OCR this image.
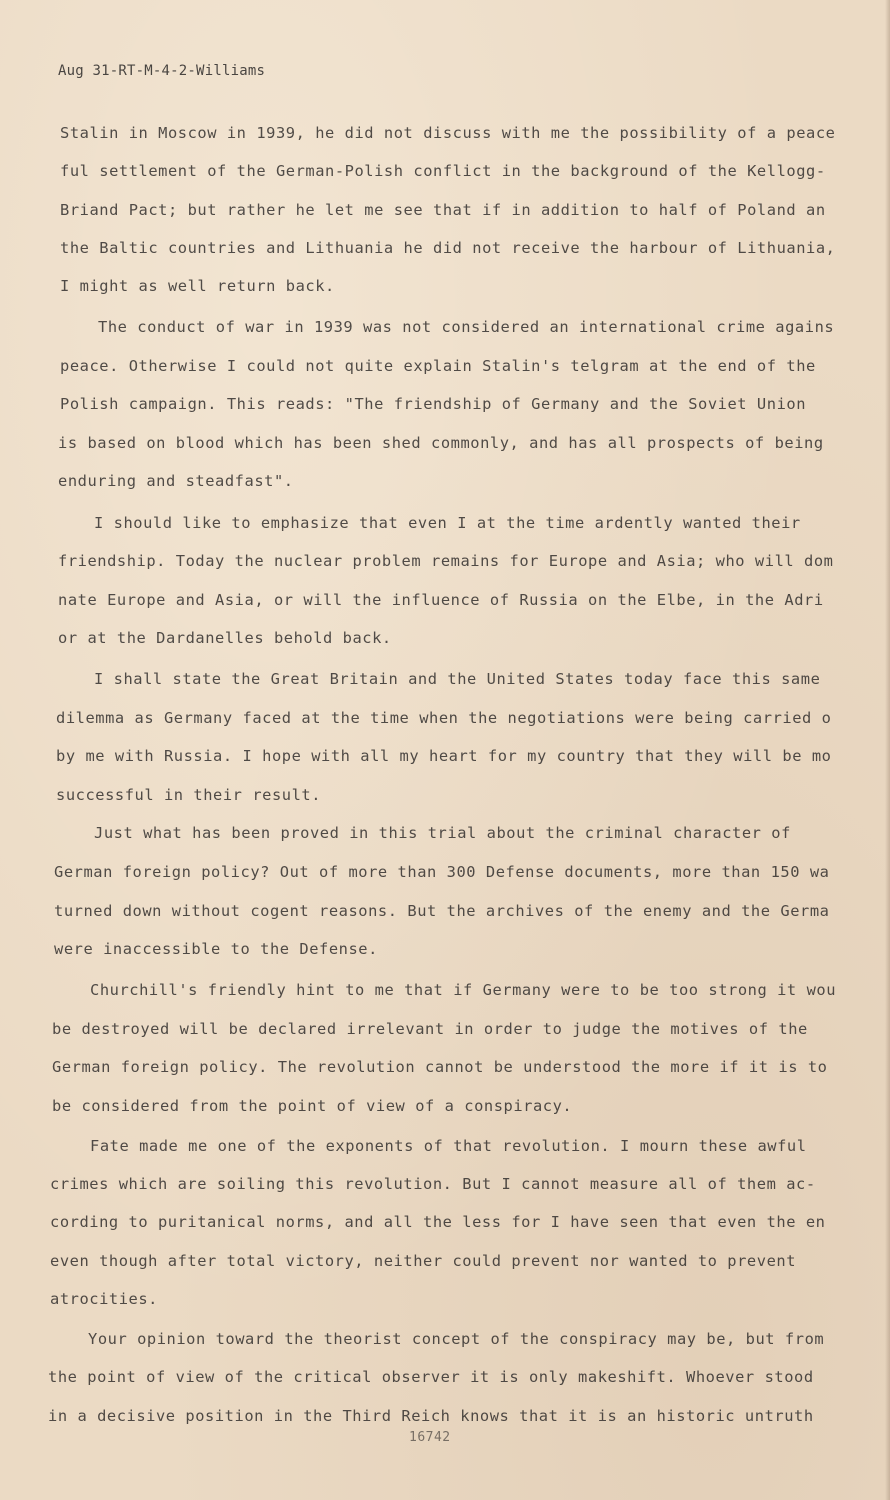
Aug 31-RT-M-4-2-Williams
Stalin in Moscow in 1939, he did not discuss with me the possibility of a peace
ful settlement of the German-Polish conflict in the background of the Kellogg-
Briand Pact; but rather he let me see that if in addition to half of Poland an
the Baltic countries and Lithuania he did not receive the harbour of Lithuania,
I might as well return back.
The conduct of war in 1939 was not considered an international crime agains
peace. Otherwise I could not quite explain Stalin's telgram at the end of the
Polish campaign. This reads: "The friendship of Germany and the Soviet Union
is based on blood which has been shed commonly, and has all prospects of being
enduring and steadfast".
I should like to emphasize that even I at the time ardently wanted their
friendship. Today the nuclear problem remains for Europe and Asia; who will dom
nate Europe and Asia, or will the influence of Russia on the Elbe, in the Adri
or at the Dardanelles behold back.
I shall state the Great Britain and the United States today face this same
dilemma as Germany faced at the time when the negotiations were being carried o
by me with Russia. I hope with all my heart for my country that they will be mo
successful in their result.
Just what has been proved in this trial about the criminal character of
German foreign policy? Out of more than 300 Defense documents, more than 150 wa
turned down without cogent reasons. But the archives of the enemy and the Germa
were inaccessible to the Defense.
Churchill's friendly hint to me that if Germany were to be too strong it wou
be destroyed will be declared irrelevant in order to judge the motives of the
German foreign policy. The revolution cannot be understood the more if it is to
be considered from the point of view of a conspiracy.
Fate made me one of the exponents of that revolution. I mourn these awful
crimes which are soiling this revolution. But I cannot measure all of them ac-
cording to puritanical norms, and all the less for I have seen that even the en
even though after total victory, neither could prevent nor wanted to prevent
atrocities.
Your opinion toward the theorist concept of the conspiracy may be, but from
the point of view of the critical observer it is only makeshift. Whoever stood
in a decisive position in the Third Reich knows that it is an historic untruth
16742
